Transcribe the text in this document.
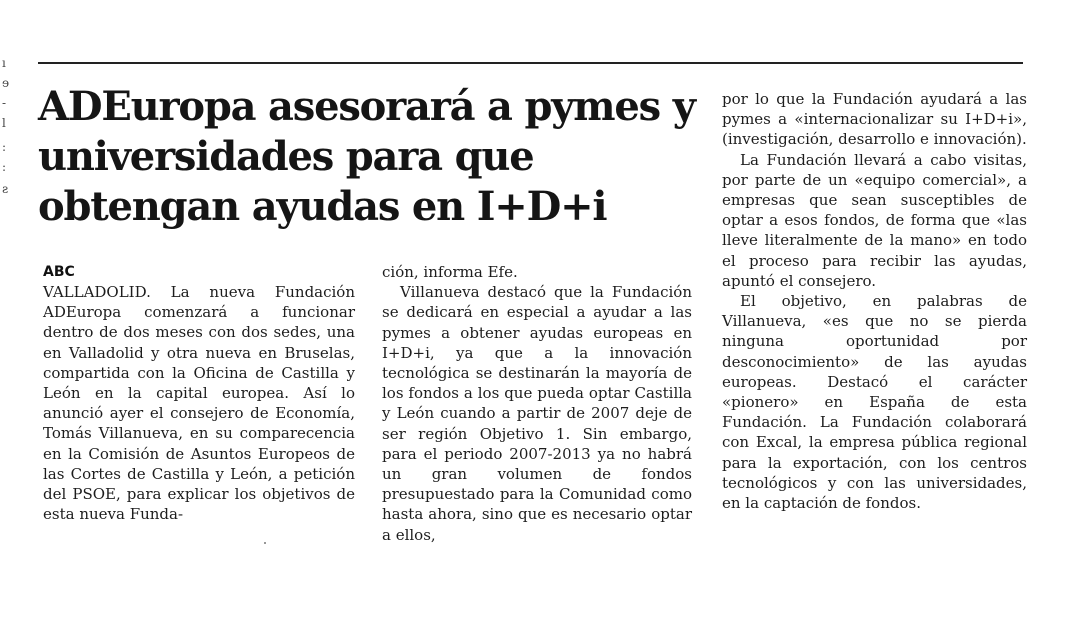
ı
ɘ
-
l
:
:
ƨ
ADEuropa asesorará a pymes y universidades para que obtengan ayudas en I+D+i
ABC

VALLADOLID. La nueva Fundación ADEuropa comenzará a funcionar dentro de dos meses con dos sedes, una en Valladolid y otra nueva en Bruselas, compartida con la Oficina de Castilla y León en la capital europea. Así lo anunció ayer el consejero de Economía, Tomás Villanueva, en su comparecencia en la Comisión de Asuntos Europeos de las Cortes de Castilla y León, a petición del PSOE, para explicar los objetivos de esta nueva Funda-

ción, informa Efe.

Villanueva destacó que la Fundación se dedicará en especial a ayudar a las pymes a obtener ayudas europeas en I+D+i, ya que a la innovación tecnológica se destinarán la mayoría de los fondos a los que pueda optar Castilla y León cuando a partir de 2007 deje de ser región Objetivo 1. Sin embargo, para el periodo 2007-2013 ya no habrá un gran volumen de fondos presupuestado para la Comunidad como hasta ahora, sino que es necesario optar a ellos,

por lo que la Fundación ayudará a las pymes a «internacionalizar su I+D+i», (investigación, desarrollo e innovación).

La Fundación llevará a cabo visitas, por parte de un «equipo comercial», a empresas que sean susceptibles de optar a esos fondos, de forma que «las lleve literalmente de la mano» en todo el proceso para recibir las ayudas, apuntó el consejero.

El objetivo, en palabras de Villanueva, «es que no se pierda ninguna oportunidad por desconocimiento» de las ayudas europeas. Destacó el carácter «pionero» en España de esta Fundación. La Fundación colaborará con Excal, la empresa pública regional para la exportación, con los centros tecnológicos y con las universidades, en la captación de fondos.
